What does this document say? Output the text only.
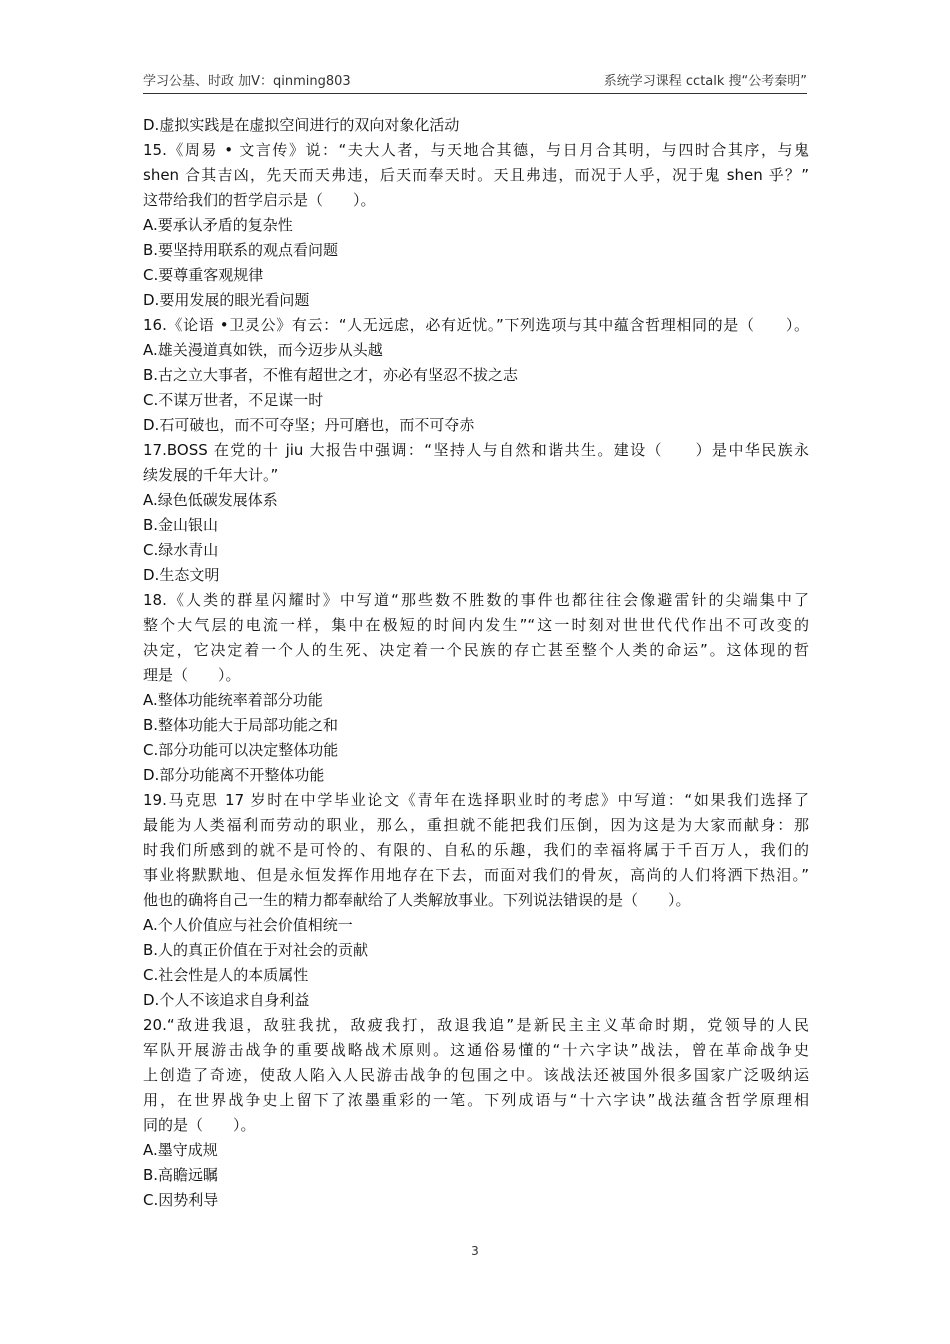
学习公基、时政 加V：qinming803	系统学习课程 cctalk 搜“公考秦明”
D.虚拟实践是在虚拟空间进行的双向对象化活动
15.《周易 • 文言传》说：“夫大人者，与天地合其德，与日月合其明，与四时合其序，与鬼
shen 合其吉凶，先天而天弗违，后天而奉天时。天且弗违，而况于人乎，况于鬼 shen 乎？”
这带给我们的哲学启示是（　　）。
A.要承认矛盾的复杂性
B.要坚持用联系的观点看问题
C.要尊重客观规律
D.要用发展的眼光看问题
16.《论语 •卫灵公》有云：“人无远虑，必有近忧。”下列选项与其中蕴含哲理相同的是（　　）。
A.雄关漫道真如铁，而今迈步从头越
B.古之立大事者，不惟有超世之才，亦必有坚忍不拔之志
C.不谋万世者，不足谋一时
D.石可破也，而不可夺坚；丹可磨也，而不可夺赤
17.BOSS 在党的十 jiu 大报告中强调：“坚持人与自然和谐共生。建设（　　）是中华民族永
续发展的千年大计。”
A.绿色低碳发展体系
B.金山银山
C.绿水青山
D.生态文明
18.《人类的群星闪耀时》中写道“那些数不胜数的事件也都往往会像避雷针的尖端集中了
整个大气层的电流一样，集中在极短的时间内发生”“这一时刻对世世代代作出不可改变的
决定，它决定着一个人的生死、决定着一个民族的存亡甚至整个人类的命运”。这体现的哲
理是（　　）。
A.整体功能统率着部分功能
B.整体功能大于局部功能之和
C.部分功能可以决定整体功能
D.部分功能离不开整体功能
19.马克思 17 岁时在中学毕业论文《青年在选择职业时的考虑》中写道：“如果我们选择了
最能为人类福利而劳动的职业，那么，重担就不能把我们压倒，因为这是为大家而献身：那
时我们所感到的就不是可怜的、有限的、自私的乐趣，我们的幸福将属于千百万人，我们的
事业将默默地、但是永恒发挥作用地存在下去，而面对我们的骨灰，高尚的人们将洒下热泪。”
他也的确将自己一生的精力都奉献给了人类解放事业。下列说法错误的是（　　）。
A.个人价值应与社会价值相统一
B.人的真正价值在于对社会的贡献
C.社会性是人的本质属性
D.个人不该追求自身利益
20.“敌进我退，敌驻我扰，敌疲我打，敌退我追”是新民主主义革命时期，党领导的人民
军队开展游击战争的重要战略战术原则。这通俗易懂的“十六字诀”战法，曾在革命战争史
上创造了奇迹，使敌人陷入人民游击战争的包围之中。该战法还被国外很多国家广泛吸纳运
用，在世界战争史上留下了浓墨重彩的一笔。下列成语与“十六字诀”战法蕴含哲学原理相
同的是（　　）。
A.墨守成规
B.高瞻远瞩
C.因势利导
3
